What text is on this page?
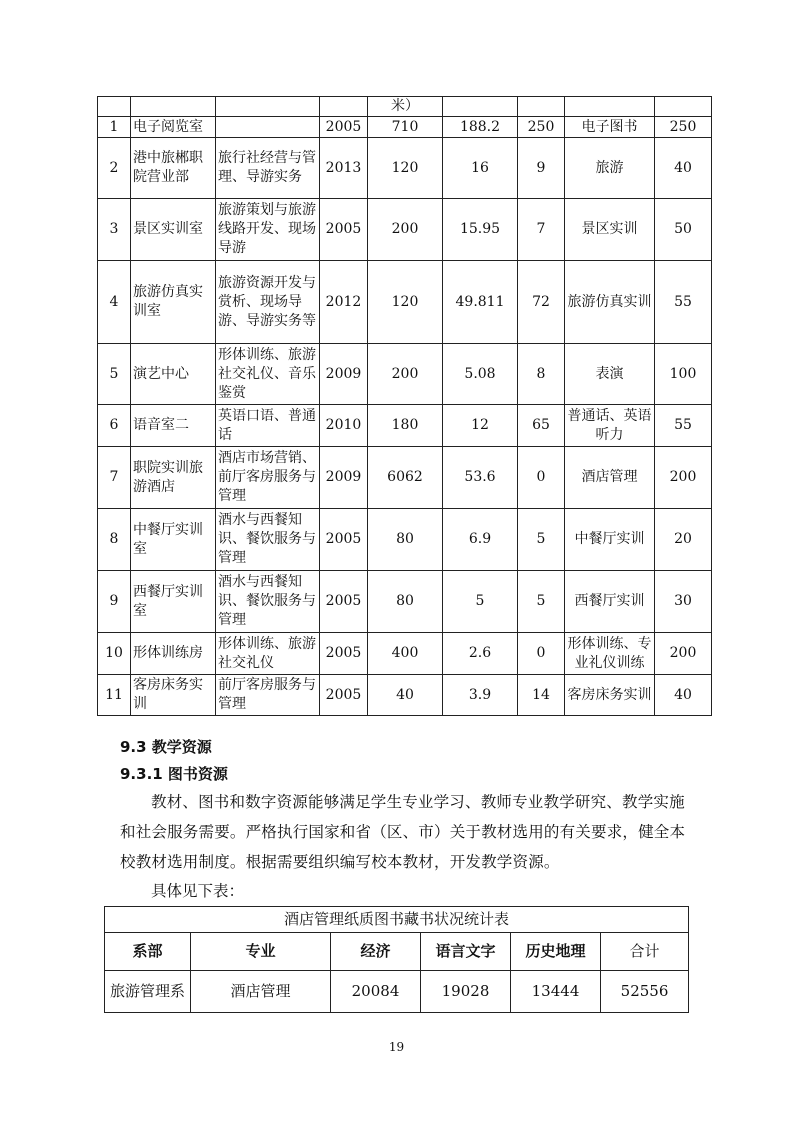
				米）				
1	电子阅览室		2005	710	188.2	250	电子图书	250
2	港中旅郴职院营业部	旅行社经营与管理、导游实务	2013	120	16	9	旅游	40
3	景区实训室	旅游策划与旅游线路开发、现场导游	2005	200	15.95	7	景区实训	50
4	旅游仿真实训室	旅游资源开发与赏析、现场导游、导游实务等	2012	120	49.811	72	旅游仿真实训	55
5	演艺中心	形体训练、旅游社交礼仪、音乐鉴赏	2009	200	5.08	8	表演	100
6	语音室二	英语口语、普通话	2010	180	12	65	普通话、英语听力	55
7	职院实训旅游酒店	酒店市场营销、前厅客房服务与管理	2009	6062	53.6	0	酒店管理	200
8	中餐厅实训室	酒水与西餐知识、餐饮服务与管理	2005	80	6.9	5	中餐厅实训	20
9	西餐厅实训室	酒水与西餐知识、餐饮服务与管理	2005	80	5	5	西餐厅实训	30
10	形体训练房	形体训练、旅游社交礼仪	2005	400	2.6	0	形体训练、专业礼仪训练	200
11	客房床务实训	前厅客房服务与管理	2005	40	3.9	14	客房床务实训	40
9.3 教学资源
9.3.1 图书资源
教材、图书和数字资源能够满足学生专业学习、教师专业教学研究、教学实施和社会服务需要。严格执行国家和省（区、市）关于教材选用的有关要求，健全本校教材选用制度。根据需要组织编写校本教材，开发教学资源。
具体见下表：
酒店管理纸质图书藏书状况统计表					
系部	专业	经济	语言文字	历史地理	合计
旅游管理系	酒店管理	20084	19028	13444	52556
19
